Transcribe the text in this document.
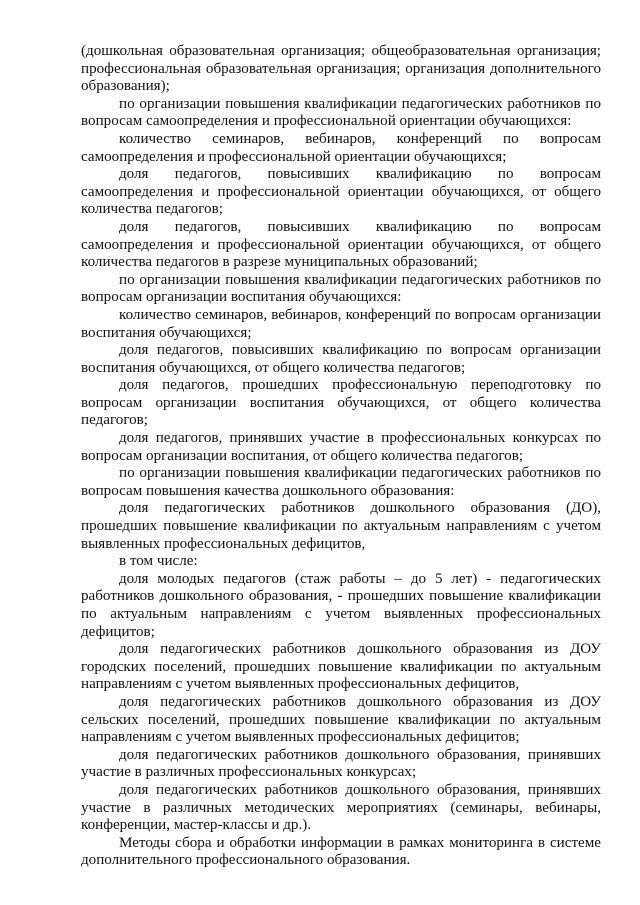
(дошкольная образовательная организация; общеобразовательная организация; профессиональная образовательная организация; организация дополнительного образования);

по организации повышения квалификации педагогических работников по вопросам самоопределения и профессиональной ориентации обучающихся:

количество семинаров, вебинаров, конференций по вопросам самоопределения и профессиональной ориентации обучающихся;

доля педагогов, повысивших квалификацию по вопросам самоопределения и профессиональной ориентации обучающихся, от общего количества педагогов;

доля педагогов, повысивших квалификацию по вопросам самоопределения и профессиональной ориентации обучающихся, от общего количества педагогов в разрезе муниципальных образований;

по организации повышения квалификации педагогических работников по вопросам организации воспитания обучающихся:

количество семинаров, вебинаров, конференций по вопросам организации воспитания обучающихся;

доля педагогов, повысивших квалификацию по вопросам организации воспитания обучающихся, от общего количества педагогов;

доля педагогов, прошедших профессиональную переподготовку по вопросам организации воспитания обучающихся, от общего количества педагогов;

доля педагогов, принявших участие в профессиональных конкурсах по вопросам организации воспитания, от общего количества педагогов;

по организации повышения квалификации педагогических работников по вопросам повышения качества дошкольного образования:

доля педагогических работников дошкольного образования (ДО), прошедших повышение квалификации по актуальным направлениям с учетом выявленных профессиональных дефицитов,

в том числе:

доля молодых педагогов (стаж работы – до 5 лет) - педагогических работников дошкольного образования, - прошедших повышение квалификации по актуальным направлениям с учетом выявленных профессиональных дефицитов;

доля педагогических работников дошкольного образования из ДОУ городских поселений, прошедших повышение квалификации по актуальным направлениям с учетом выявленных профессиональных дефицитов,

доля педагогических работников дошкольного образования из ДОУ сельских поселений, прошедших повышение квалификации по актуальным направлениям с учетом выявленных профессиональных дефицитов;

доля педагогических работников дошкольного образования, принявших участие в различных профессиональных конкурсах;

доля педагогических работников дошкольного образования, принявших участие в различных методических мероприятиях (семинары, вебинары, конференции, мастер-классы и др.).

Методы сбора и обработки информации в рамках мониторинга в системе дополнительного профессионального образования.
